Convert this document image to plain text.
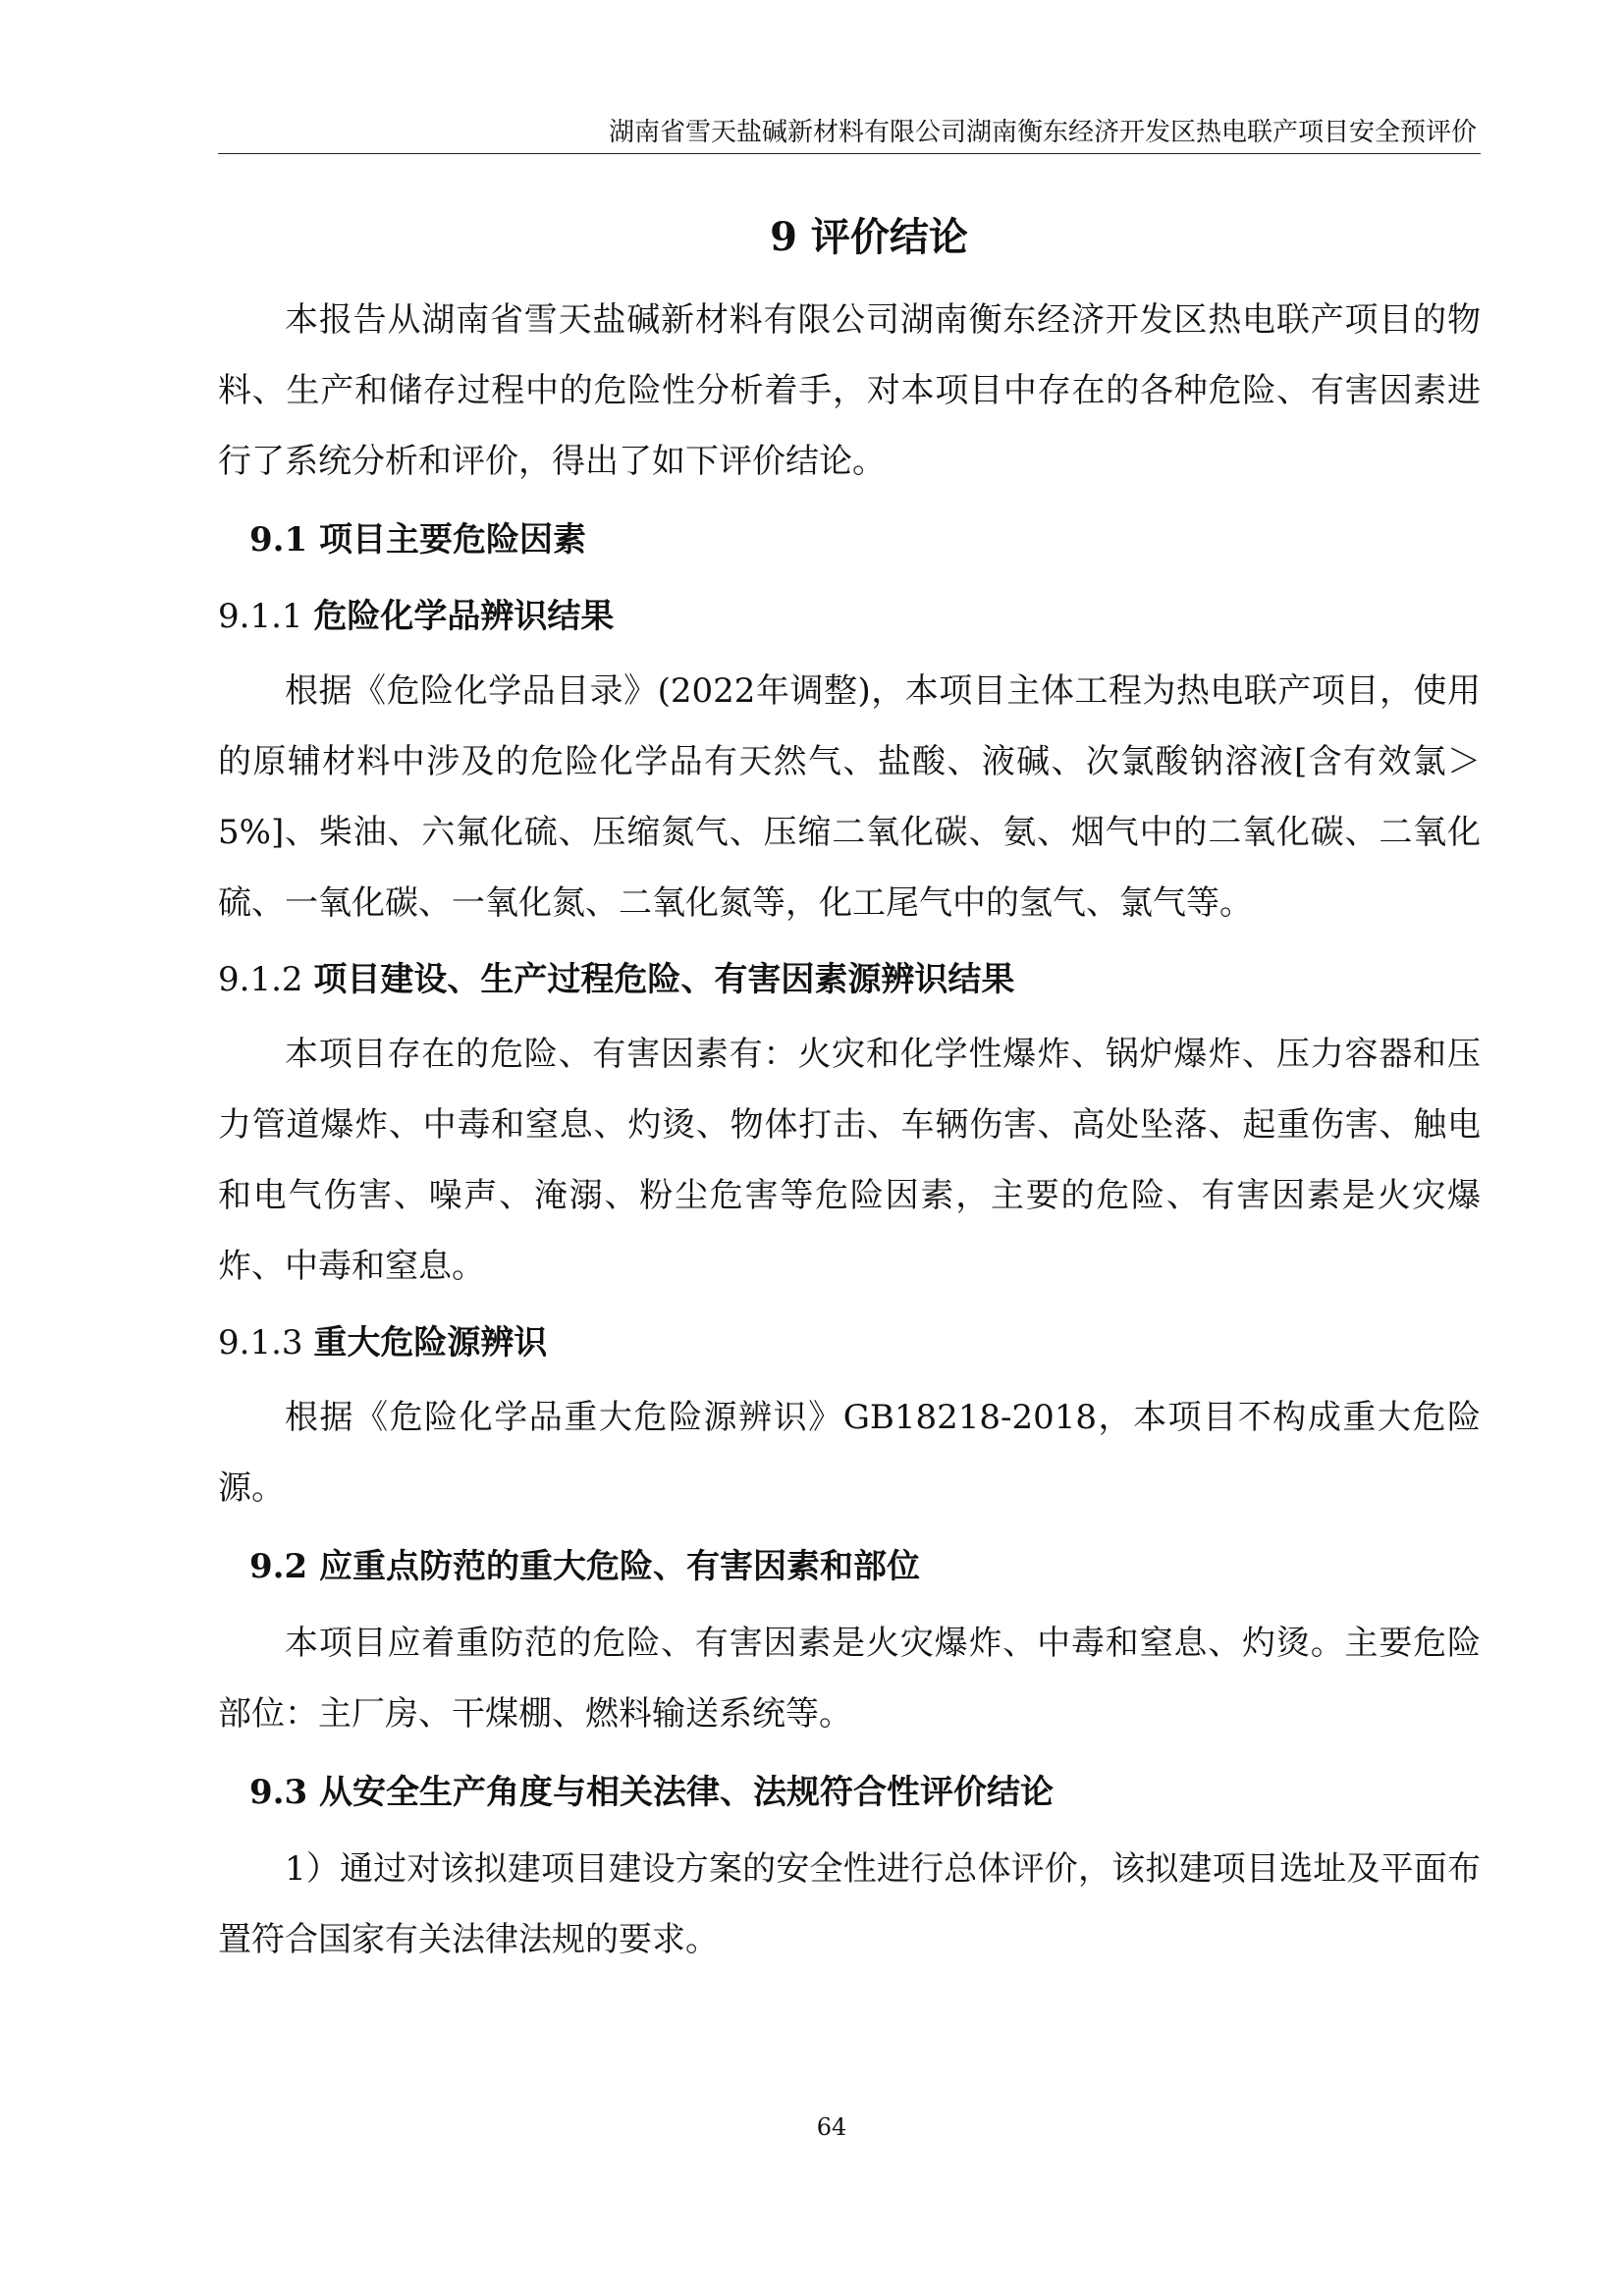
湖南省雪天盐碱新材料有限公司湖南衡东经济开发区热电联产项目安全预评价
9 评价结论

本报告从湖南省雪天盐碱新材料有限公司湖南衡东经济开发区热电联产项目的物料、生产和储存过程中的危险性分析着手，对本项目中存在的各种危险、有害因素进行了系统分析和评价，得出了如下评价结论。

9.1 项目主要危险因素
9.1.1 危险化学品辨识结果

根据《危险化学品目录》(2022年调整)，本项目主体工程为热电联产项目，使用的原辅材料中涉及的危险化学品有天然气、盐酸、液碱、次氯酸钠溶液[含有效氯＞5%]、柴油、六氟化硫、压缩氮气、压缩二氧化碳、氨、烟气中的二氧化碳、二氧化硫、一氧化碳、一氧化氮、二氧化氮等，化工尾气中的氢气、氯气等。

9.1.2 项目建设、生产过程危险、有害因素源辨识结果

本项目存在的危险、有害因素有：火灾和化学性爆炸、锅炉爆炸、压力容器和压力管道爆炸、中毒和窒息、灼烫、物体打击、车辆伤害、高处坠落、起重伤害、触电和电气伤害、噪声、淹溺、粉尘危害等危险因素，主要的危险、有害因素是火灾爆炸、中毒和窒息。

9.1.3 重大危险源辨识

根据《危险化学品重大危险源辨识》GB18218-2018，本项目不构成重大危险源。

9.2 应重点防范的重大危险、有害因素和部位

本项目应着重防范的危险、有害因素是火灾爆炸、中毒和窒息、灼烫。主要危险部位：主厂房、干煤棚、燃料输送系统等。

9.3 从安全生产角度与相关法律、法规符合性评价结论

1）通过对该拟建项目建设方案的安全性进行总体评价，该拟建项目选址及平面布置符合国家有关法律法规的要求。

64
